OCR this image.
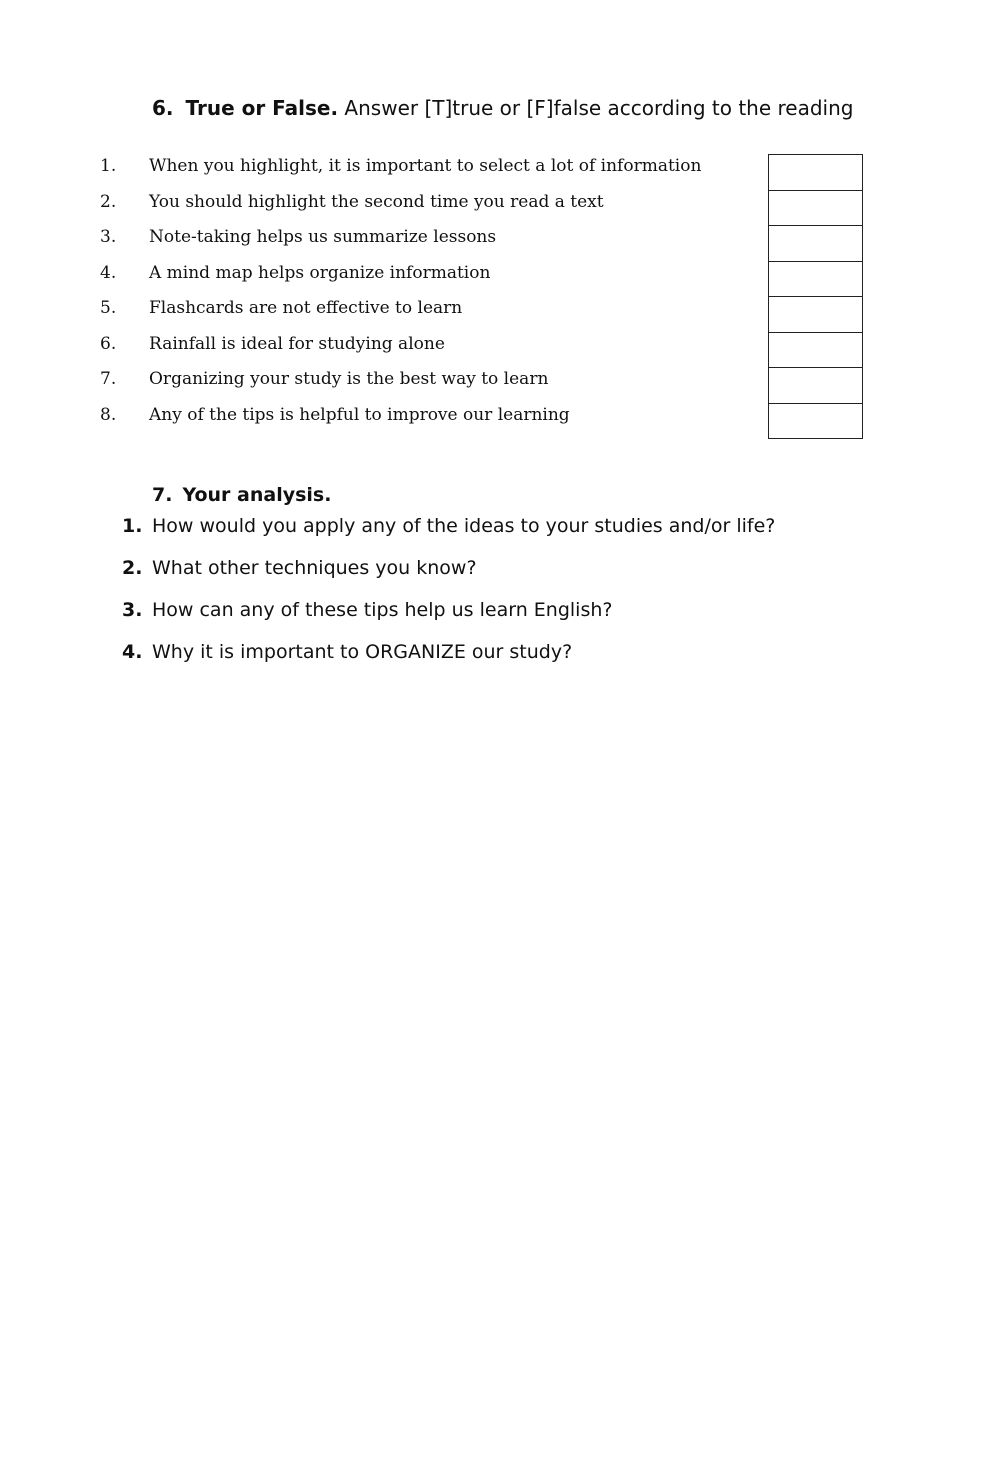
6. True or False. Answer [T]true or [F]false according to the reading
1.	When you highlight, it is important to select a lot of information
2.	You should highlight the second time you read a text
3.	Note-taking helps us summarize lessons
4.	A mind map helps organize information
5.	Flashcards are not effective to learn
6.	Rainfall is ideal for studying alone
7.	Organizing your study is the best way to learn
8.	Any of the tips is helpful to improve our learning
7. Your analysis.
1. How would you apply any of the ideas to your studies and/or life?
2. What other techniques you know?
3. How can any of these tips help us learn English?
4. Why it is important to ORGANIZE our study?
